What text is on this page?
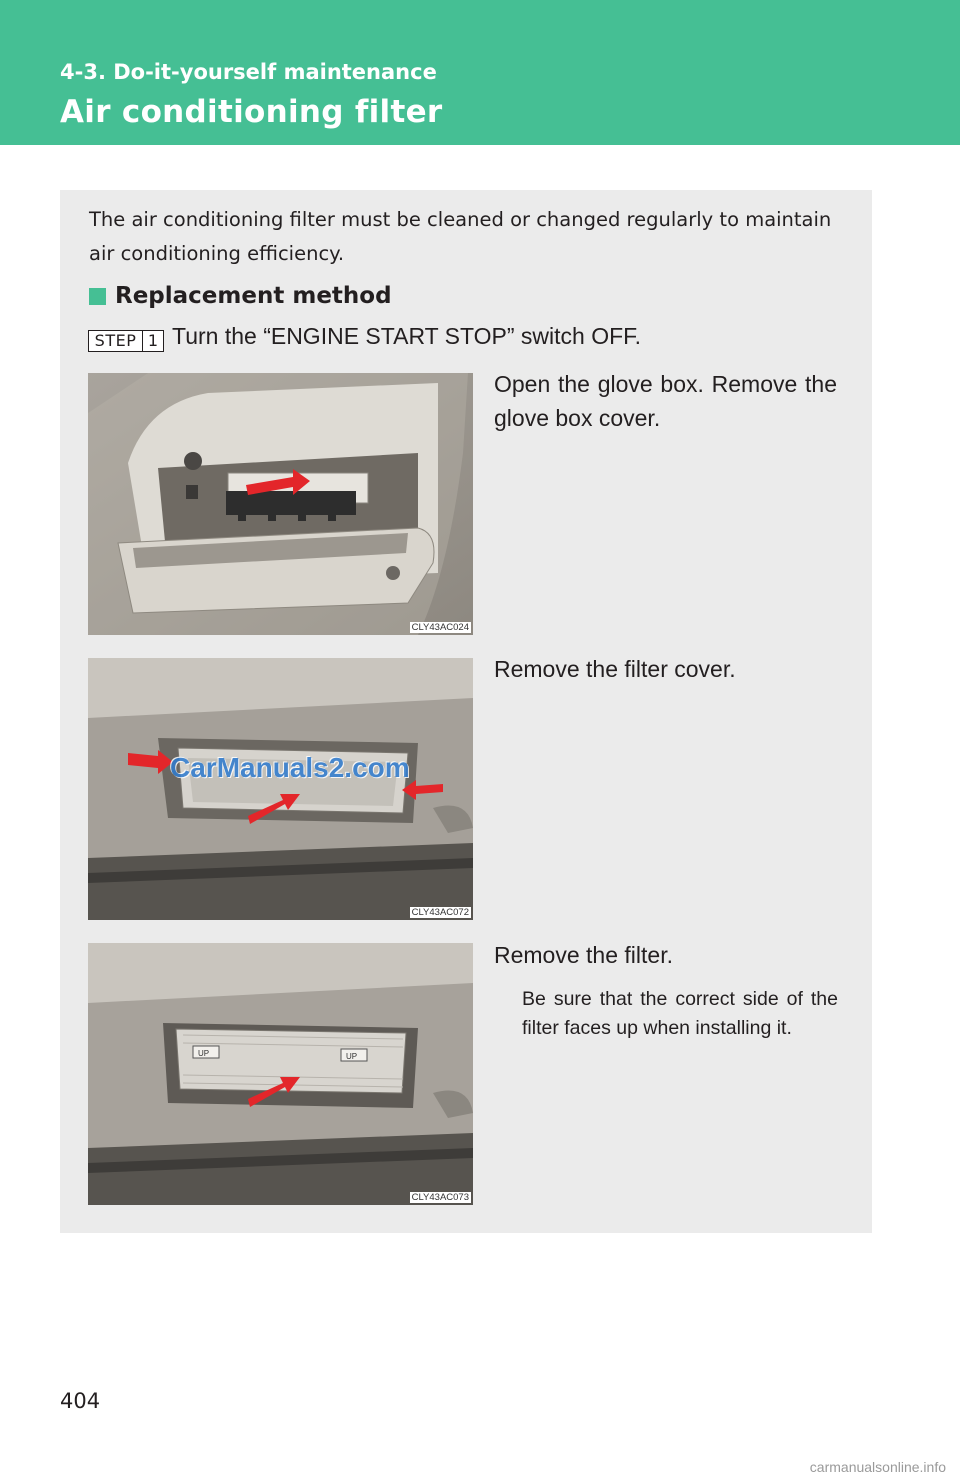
4-3. Do-it-yourself maintenance
Air conditioning filter

The air conditioning filter must be cleaned or changed regularly to maintain air conditioning efficiency.

Replacement method
STEP 1 Turn the “ENGINE START STOP” switch OFF.
CLY43AC024

Open the glove box. Remove the glove box cover.

CLY43AC072
CarManuals2.com

Remove the filter cover.

UP	UP
CLY43AC073

Remove the filter.

Be sure that the correct side of the filter faces up when installing it.

404
carmanualsonline.info
